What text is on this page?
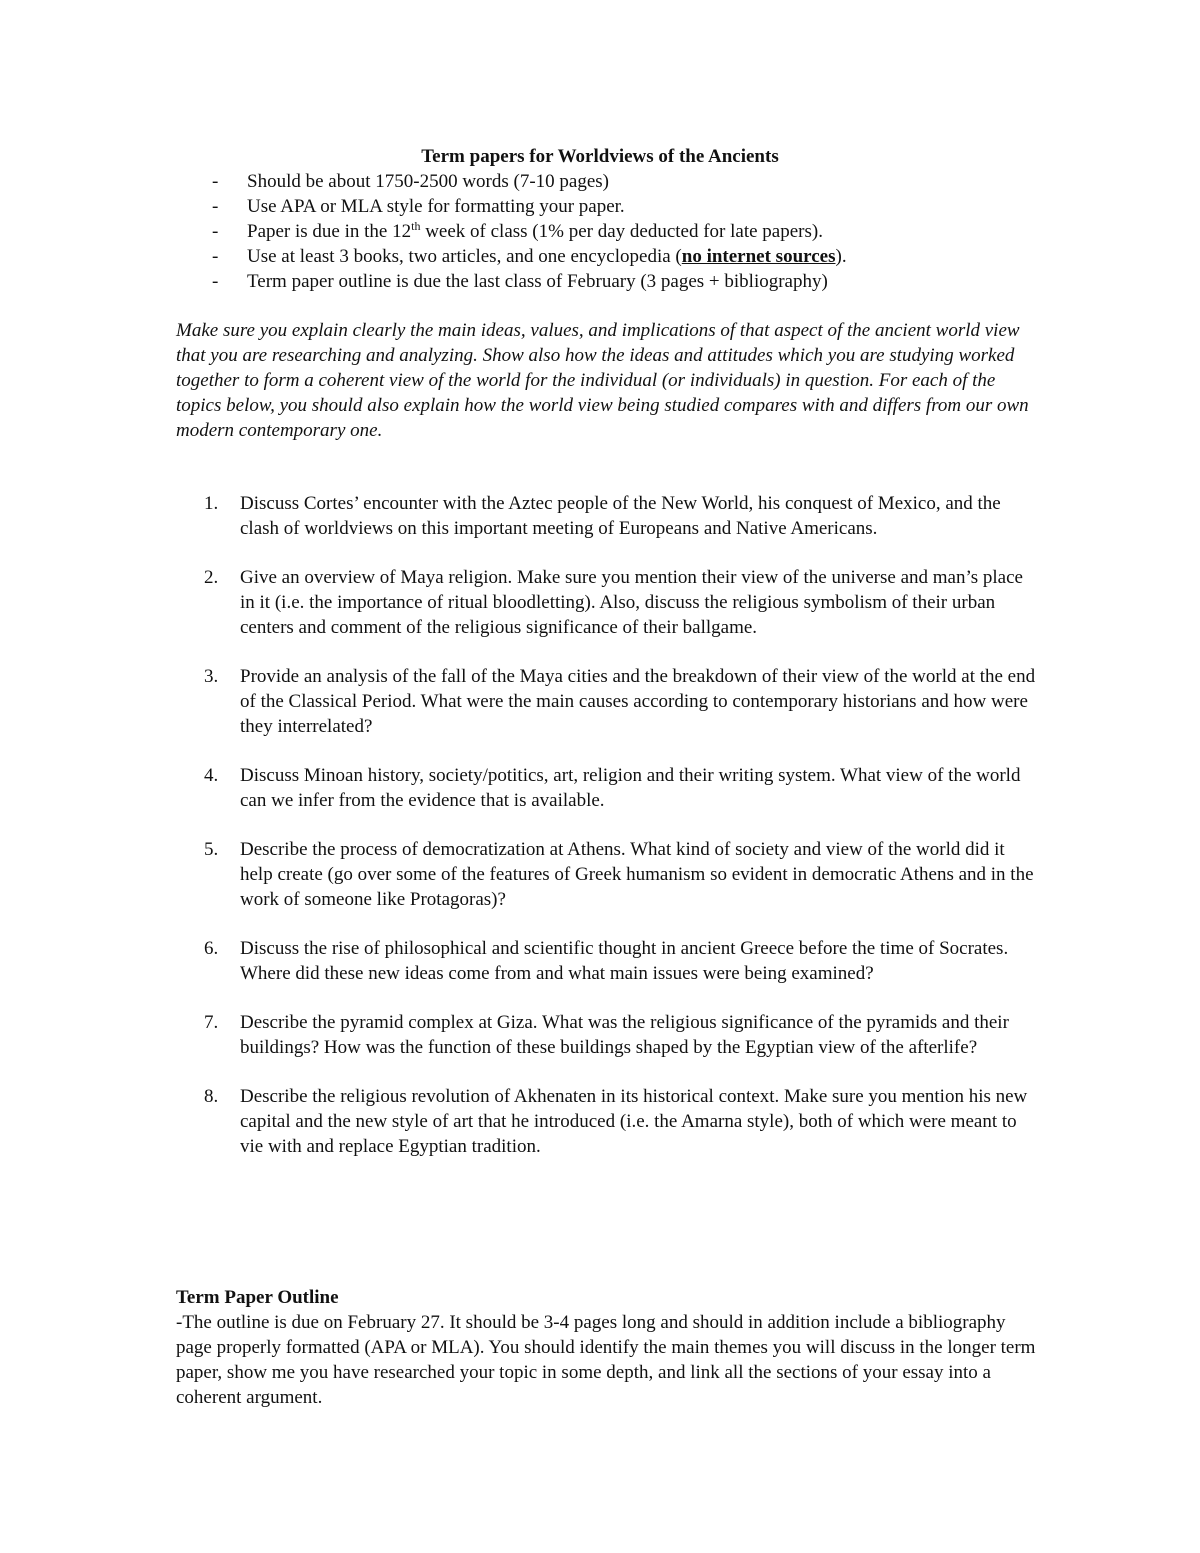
Term papers for Worldviews of the Ancients
- Should be about 1750-2500 words (7-10 pages)
- Use APA or MLA style for formatting your paper.
- Paper is due in the 12th week of class (1% per day deducted for late papers).
- Use at least 3 books, two articles, and one encyclopedia (no internet sources).
- Term paper outline is due the last class of February (3 pages + bibliography)

Make sure you explain clearly the main ideas, values, and implications of that aspect of the ancient world view that you are researching and analyzing. Show also how the ideas and attitudes which you are studying worked together to form a coherent view of the world for the individual (or individuals) in question. For each of the topics below, you should also explain how the world view being studied compares with and differs from our own modern contemporary one.

1. Discuss Cortes’ encounter with the Aztec people of the New World, his conquest of Mexico, and the clash of worldviews on this important meeting of Europeans and Native Americans.
2. Give an overview of Maya religion. Make sure you mention their view of the universe and man’s place in it (i.e. the importance of ritual bloodletting). Also, discuss the religious symbolism of their urban centers and comment of the religious significance of their ballgame.
3. Provide an analysis of the fall of the Maya cities and the breakdown of their view of the world at the end of the Classical Period. What were the main causes according to contemporary historians and how were they interrelated?
4. Discuss Minoan history, society/potitics, art, religion and their writing system. What view of the world can we infer from the evidence that is available.
5. Describe the process of democratization at Athens. What kind of society and view of the world did it help create (go over some of the features of Greek humanism so evident in democratic Athens and in the work of someone like Protagoras)?
6. Discuss the rise of philosophical and scientific thought in ancient Greece before the time of Socrates. Where did these new ideas come from and what main issues were being examined?
7. Describe the pyramid complex at Giza. What was the religious significance of the pyramids and their buildings? How was the function of these buildings shaped by the Egyptian view of the afterlife?
8. Describe the religious revolution of Akhenaten in its historical context. Make sure you mention his new capital and the new style of art that he introduced (i.e. the Amarna style), both of which were meant to vie with and replace Egyptian tradition.

Term Paper Outline

-The outline is due on February 27. It should be 3-4 pages long and should in addition include a bibliography page properly formatted (APA or MLA). You should identify the main themes you will discuss in the longer term paper, show me you have researched your topic in some depth, and link all the sections of your essay into a coherent argument.
